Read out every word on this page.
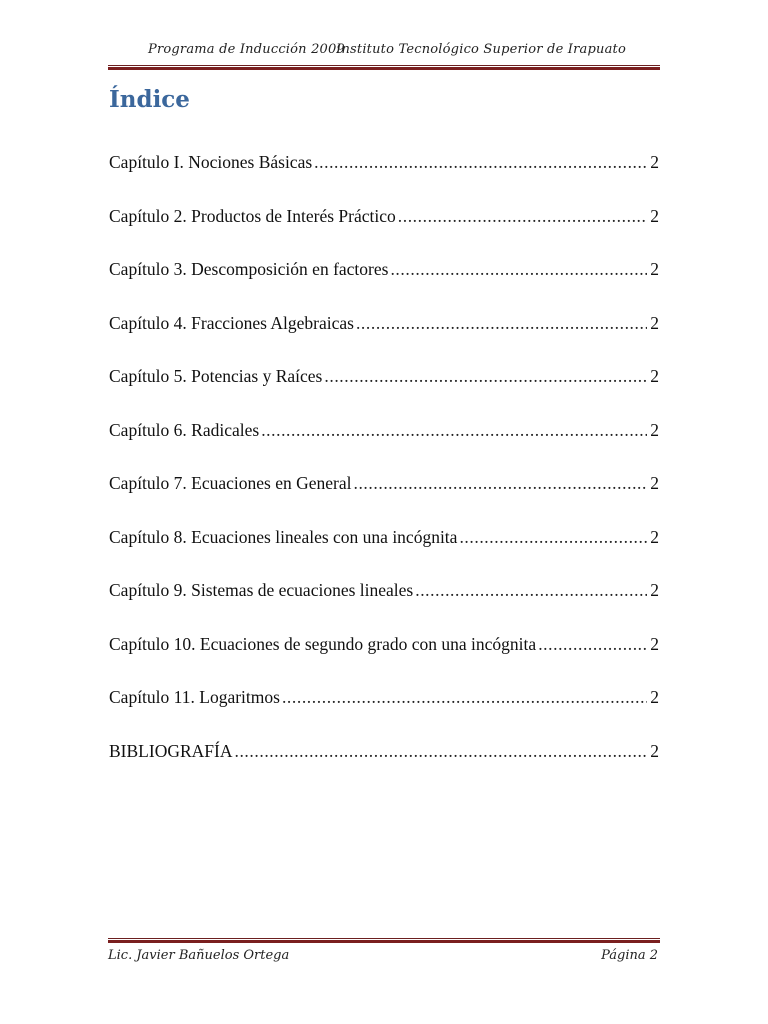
Programa de Inducción 2009
Instituto Tecnológico Superior de Irapuato
Índice
Capítulo I. Nociones Básicas .....	2
Capítulo 2. Productos de Interés Práctico .....	2
Capítulo 3. Descomposición en factores .....	2
Capítulo 4. Fracciones Algebraicas .....	2
Capítulo 5. Potencias y Raíces .....	2
Capítulo 6. Radicales .....	2
Capítulo 7. Ecuaciones en General .....	2
Capítulo 8. Ecuaciones lineales con una incógnita .....	2
Capítulo 9. Sistemas de ecuaciones lineales .....	2
Capítulo 10. Ecuaciones de segundo grado con una incógnita .....	2
Capítulo 11. Logaritmos .....	2
BIBLIOGRAFÍA .....	2
Lic. Javier Bañuelos Ortega	Página 2
